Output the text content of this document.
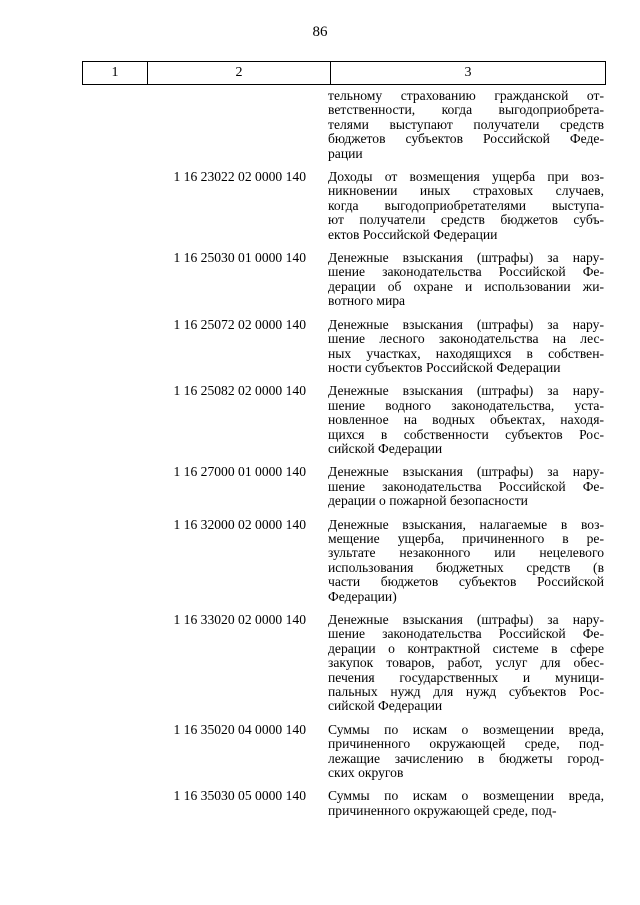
86
1	2	3
тельному страхованию гражданской от-
ветственности, когда выгодоприобрета-
телями выступают получатели средств
бюджетов субъектов Российской Феде-
рации
1 16 23022 02 0000 140	Доходы от возмещения ущерба при воз-
никновении иных страховых случаев,
когда выгодоприобретателями выступа-
ют получатели средств бюджетов субъ-
ектов Российской Федерации
1 16 25030 01 0000 140	Денежные взыскания (штрафы) за нару-
шение законодательства Российской Фе-
дерации об охране и использовании жи-
вотного мира
1 16 25072 02 0000 140	Денежные взыскания (штрафы) за нару-
шение лесного законодательства на лес-
ных участках, находящихся в собствен-
ности субъектов Российской Федерации
1 16 25082 02 0000 140	Денежные взыскания (штрафы) за нару-
шение водного законодательства, уста-
новленное на водных объектах, находя-
щихся в собственности субъектов Рос-
сийской Федерации
1 16 27000 01 0000 140	Денежные взыскания (штрафы) за нару-
шение законодательства Российской Фе-
дерации о пожарной безопасности
1 16 32000 02 0000 140	Денежные взыскания, налагаемые в воз-
мещение ущерба, причиненного в ре-
зультате незаконного или нецелевого
использования бюджетных средств (в
части бюджетов субъектов Российской
Федерации)
1 16 33020 02 0000 140	Денежные взыскания (штрафы) за нару-
шение законодательства Российской Фе-
дерации о контрактной системе в сфере
закупок товаров, работ, услуг для обес-
печения государственных и муници-
пальных нужд для нужд субъектов Рос-
сийской Федерации
1 16 35020 04 0000 140	Суммы по искам о возмещении вреда,
причиненного окружающей среде, под-
лежащие зачислению в бюджеты город-
ских округов
1 16 35030 05 0000 140	Суммы по искам о возмещении вреда,
причиненного окружающей среде, под-
